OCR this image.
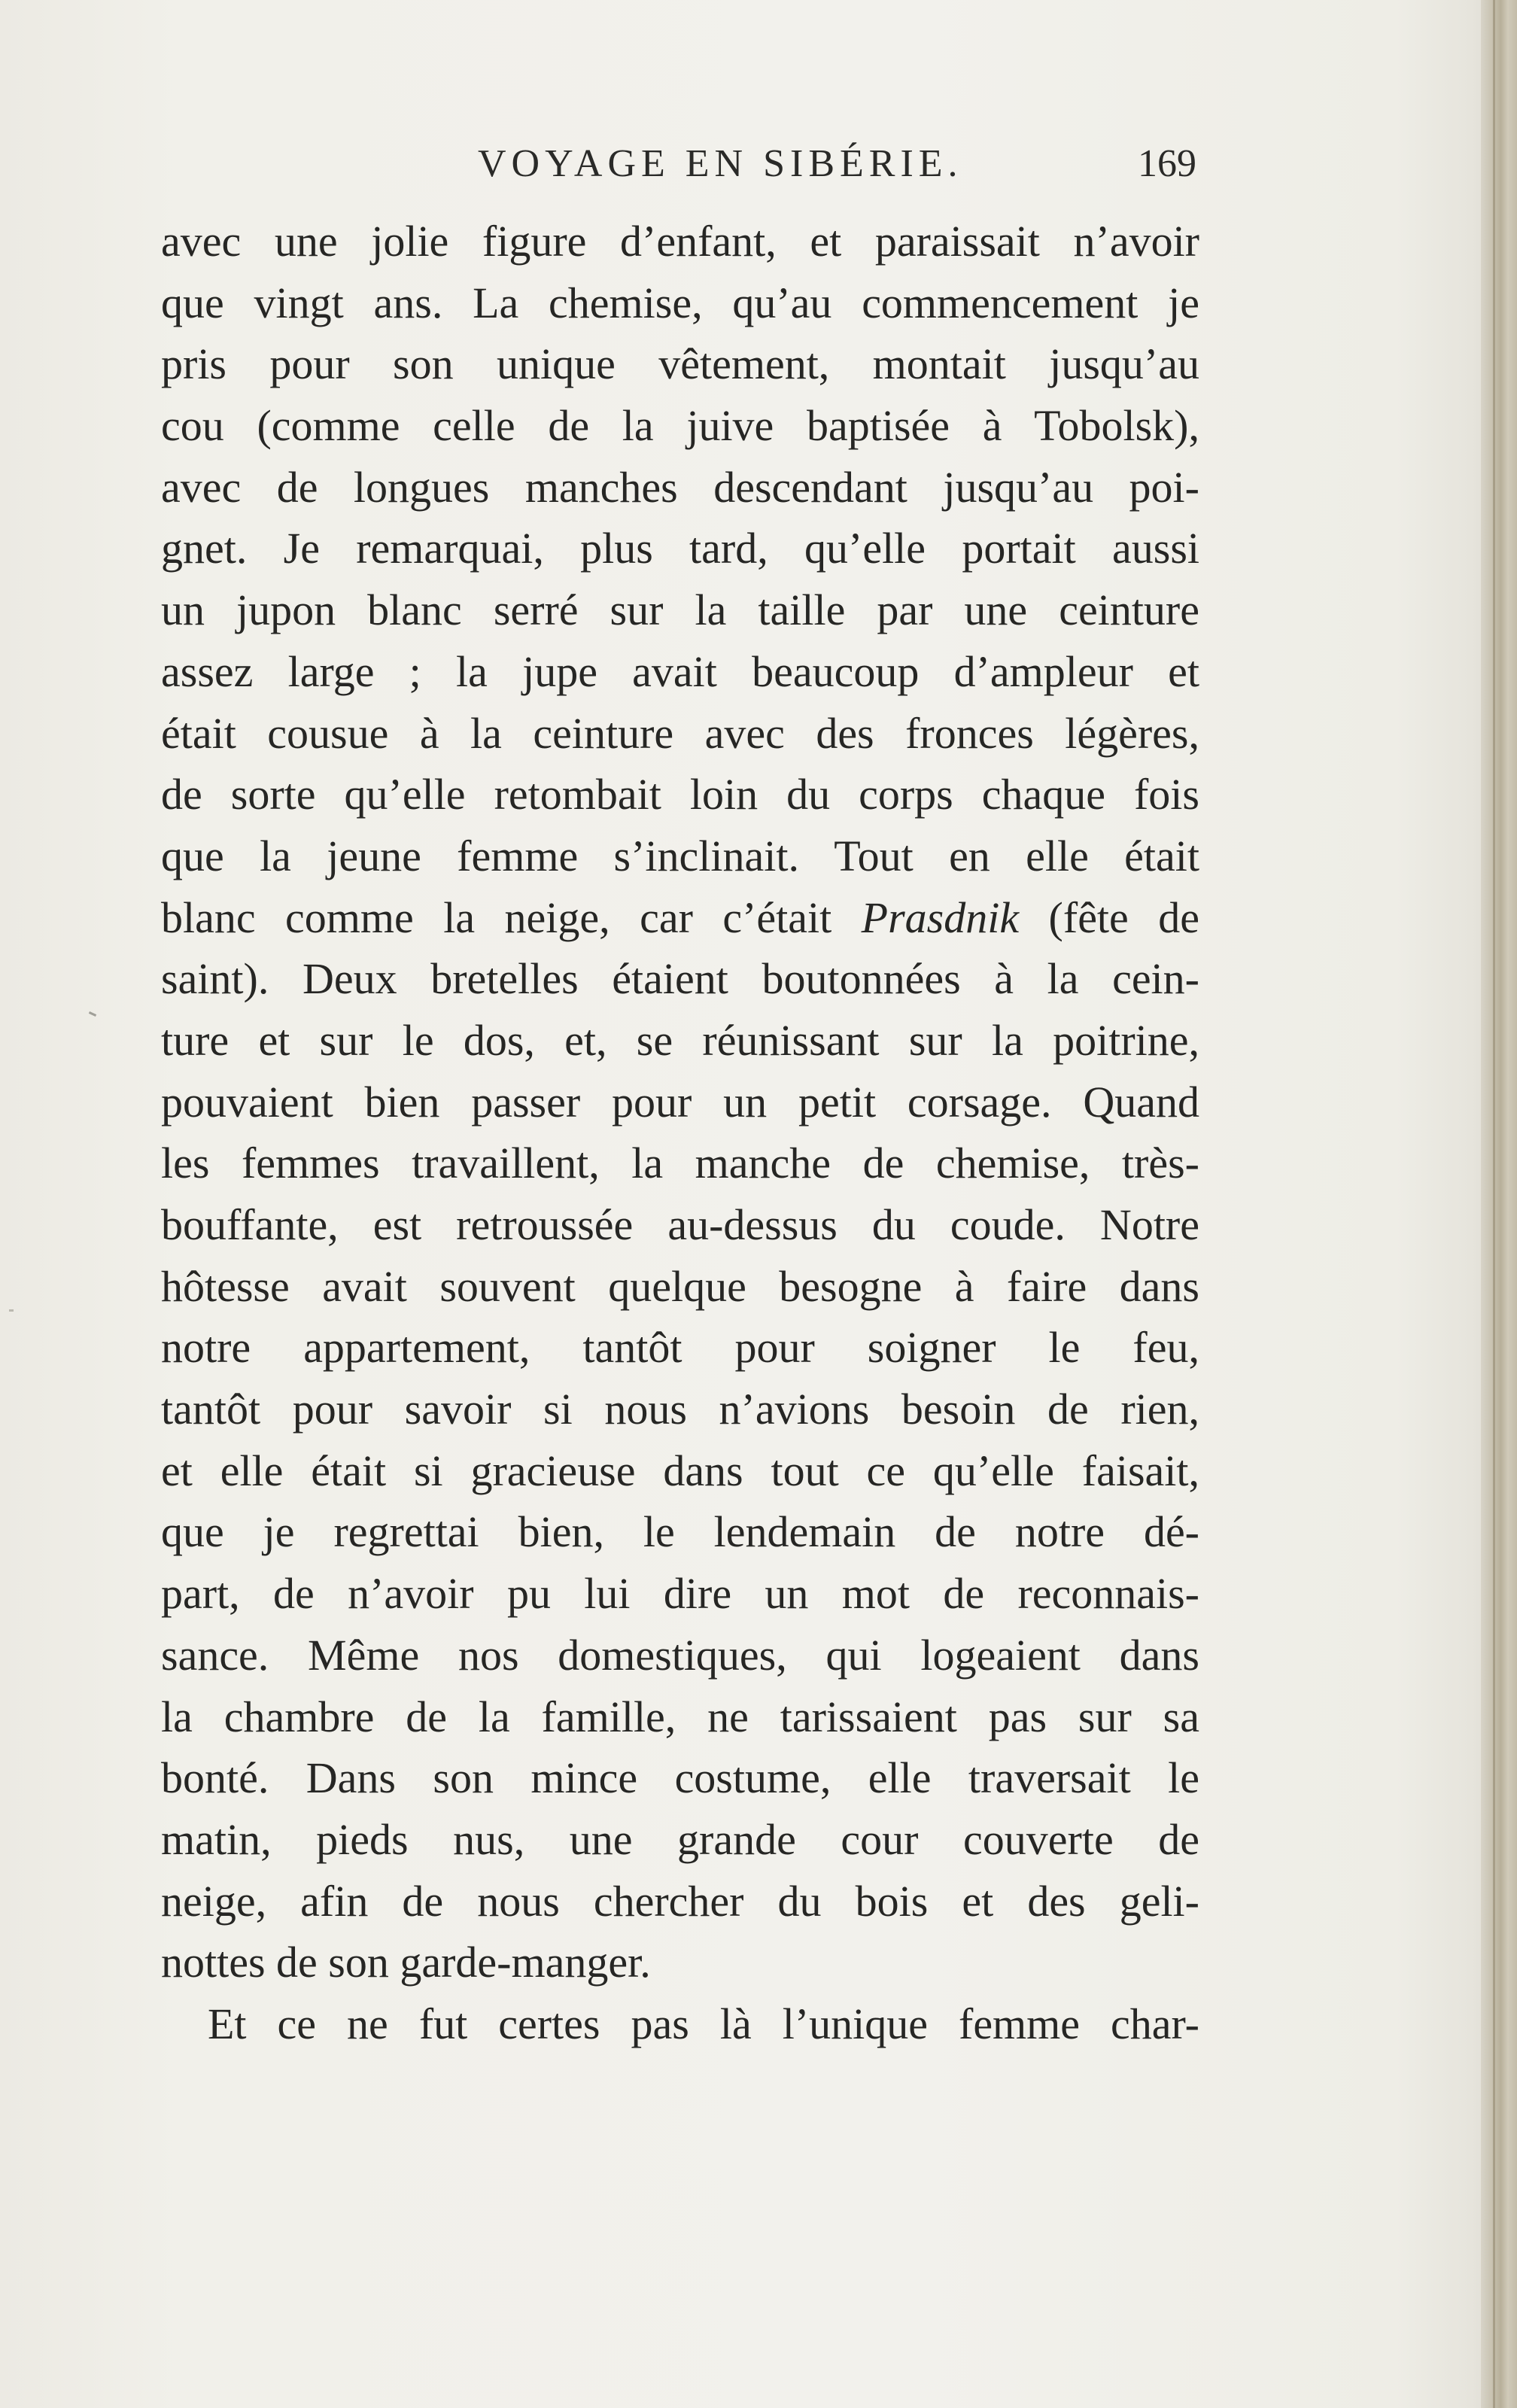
VOYAGE EN SIBÉRIE.	169
avec une jolie figure d’enfant, et paraissait n’avoir
que vingt ans. La chemise, qu’au commencement je
pris pour son unique vêtement, montait jusqu’au
cou (comme celle de la juive baptisée à Tobolsk),
avec de longues manches descendant jusqu’au poi-
gnet. Je remarquai, plus tard, qu’elle portait aussi
un jupon blanc serré sur la taille par une ceinture
assez large ; la jupe avait beaucoup d’ampleur et
était cousue à la ceinture avec des fronces légères,
de sorte qu’elle retombait loin du corps chaque fois
que la jeune femme s’inclinait. Tout en elle était
blanc comme la neige, car c’était Prasdnik (fête de
saint). Deux bretelles étaient boutonnées à la cein-
ture et sur le dos, et, se réunissant sur la poitrine,
pouvaient bien passer pour un petit corsage. Quand
les femmes travaillent, la manche de chemise, très-
bouffante, est retroussée au-dessus du coude. Notre
hôtesse avait souvent quelque besogne à faire dans
notre appartement, tantôt pour soigner le feu,
tantôt pour savoir si nous n’avions besoin de rien,
et elle était si gracieuse dans tout ce qu’elle faisait,
que je regrettai bien, le lendemain de notre dé-
part, de n’avoir pu lui dire un mot de reconnais-
sance. Même nos domestiques, qui logeaient dans
la chambre de la famille, ne tarissaient pas sur sa
bonté. Dans son mince costume, elle traversait le
matin, pieds nus, une grande cour couverte de
neige, afin de nous chercher du bois et des geli-
nottes de son garde-manger.
Et ce ne fut certes pas là l’unique femme char-
